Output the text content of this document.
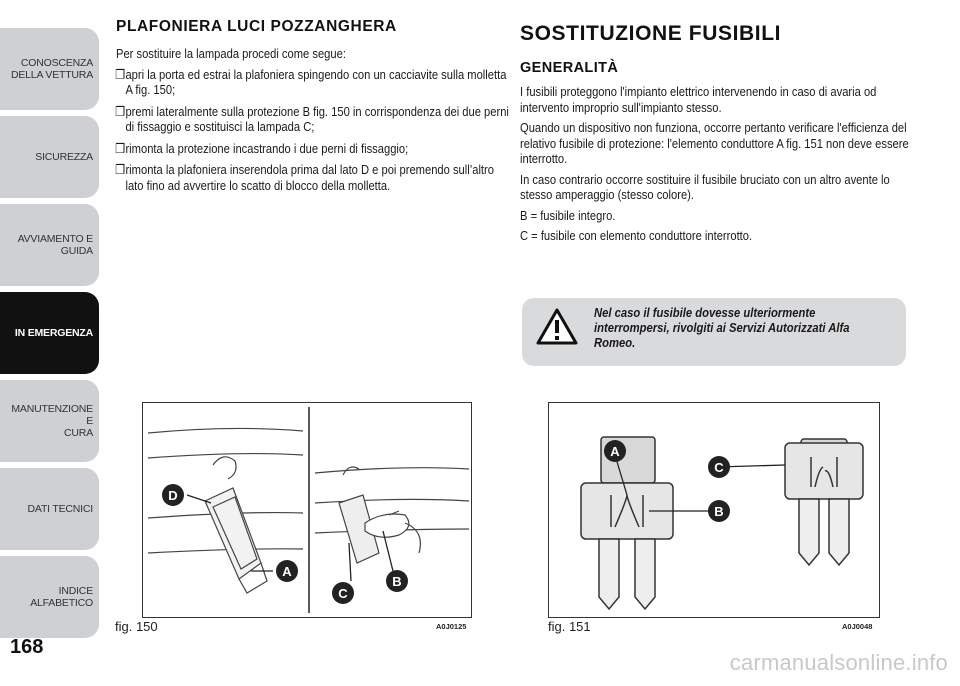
CONOSCENZA
DELLA VETTURA
SICUREZZA
AVVIAMENTO E
GUIDA
IN EMERGENZA
MANUTENZIONE E
CURA
DATI TECNICI
INDICE ALFABETICO
168
PLAFONIERA LUCI POZZANGHERA

Per sostituire la lampada procedi come segue:

❒ apri la porta ed estrai la plafoniera spingendo con un cacciavite sulla molletta A fig. 150;
❒ premi lateralmente sulla protezione B fig. 150 in corrispondenza dei due perni di fissaggio e sostituisci la lampada C;
❒ rimonta la protezione incastrando i due perni di fissaggio;
❒ rimonta la plafoniera inserendola prima dal lato D e poi premendo sull’altro lato fino ad avvertire lo scatto di blocco della molletta.
SOSTITUZIONE FUSIBILI
GENERALITÀ

I fusibili proteggono l'impianto elettrico intervenendo in caso di avaria od intervento improprio sull'impianto stesso.

Quando un dispositivo non funziona, occorre pertanto verificare l'efficienza del relativo fusibile di protezione: l'elemento conduttore A fig. 151 non deve essere interrotto.

In caso contrario occorre sostituire il fusibile bruciato con un altro avente lo stesso amperaggio (stesso colore).

B = fusibile integro.

C = fusibile con elemento conduttore interrotto.

Nel caso il fusibile dovesse ulteriormente interrompersi, rivolgiti ai Servizi Autorizzati Alfa Romeo.
D
A
C
B
fig. 150	A0J0125
A
C
B
fig. 151	A0J0048
carmanualsonline.info
